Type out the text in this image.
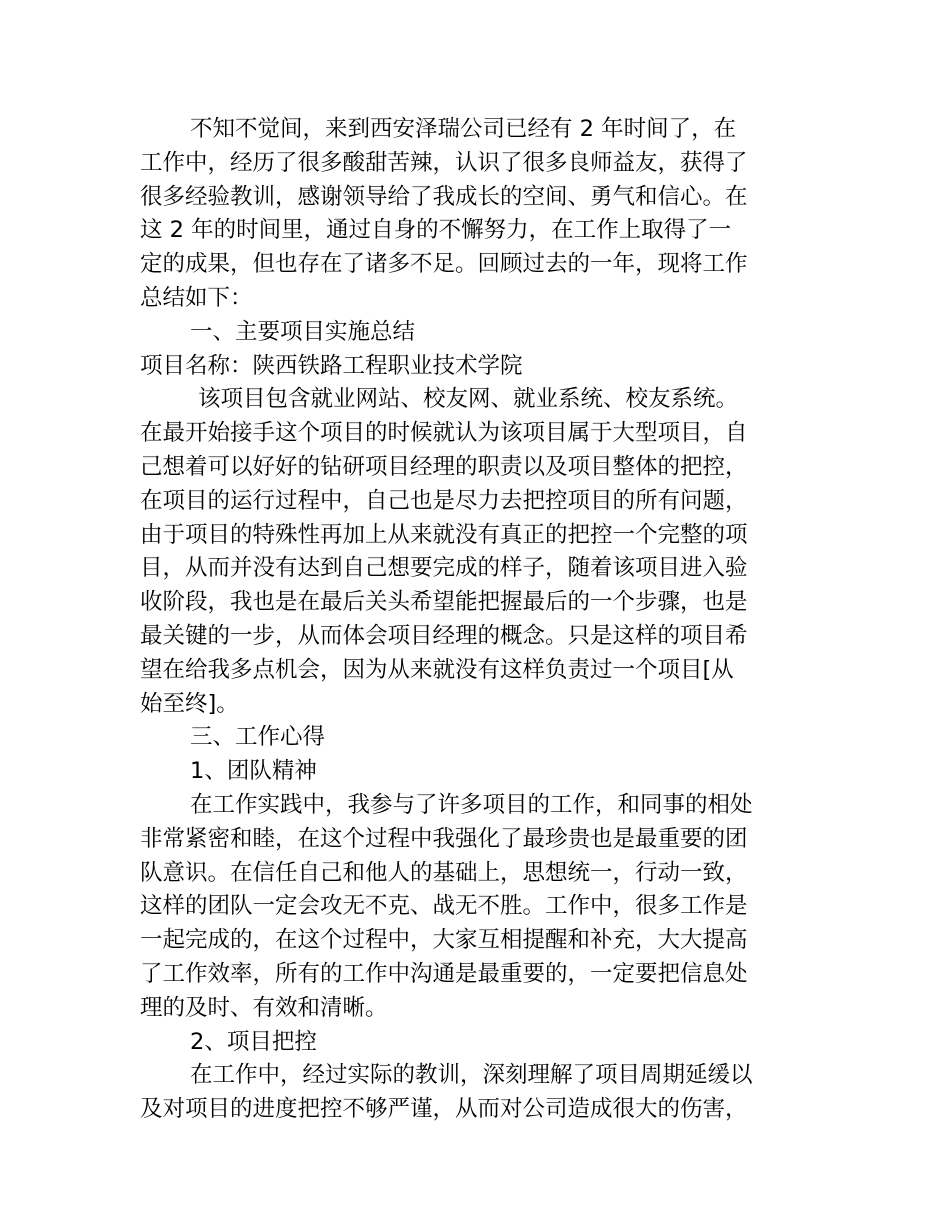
不知不觉间，来到西安泽瑞公司已经有 2 年时间了，在
工作中，经历了很多酸甜苦辣，认识了很多良师益友，获得了
很多经验教训，感谢领导给了我成长的空间、勇气和信心。在
这 2 年的时间里，通过自身的不懈努力，在工作上取得了一
定的成果，但也存在了诸多不足。回顾过去的一年，现将工作
总结如下：
一、主要项目实施总结
项目名称：陕西铁路工程职业技术学院
该项目包含就业网站、校友网、就业系统、校友系统。
在最开始接手这个项目的时候就认为该项目属于大型项目，自
己想着可以好好的钻研项目经理的职责以及项目整体的把控，
在项目的运行过程中，自己也是尽力去把控项目的所有问题，
由于项目的特殊性再加上从来就没有真正的把控一个完整的项
目，从而并没有达到自己想要完成的样子，随着该项目进入验
收阶段，我也是在最后关头希望能把握最后的一个步骤，也是
最关键的一步，从而体会项目经理的概念。只是这样的项目希
望在给我多点机会，因为从来就没有这样负责过一个项目[从
始至终]。
三、工作心得
1、团队精神
在工作实践中，我参与了许多项目的工作，和同事的相处
非常紧密和睦，在这个过程中我强化了最珍贵也是最重要的团
队意识。在信任自己和他人的基础上，思想统一，行动一致，
这样的团队一定会攻无不克、战无不胜。工作中，很多工作是
一起完成的，在这个过程中，大家互相提醒和补充，大大提高
了工作效率，所有的工作中沟通是最重要的，一定要把信息处
理的及时、有效和清晰。
2、项目把控
在工作中，经过实际的教训，深刻理解了项目周期延缓以
及对项目的进度把控不够严谨，从而对公司造成很大的伤害，
